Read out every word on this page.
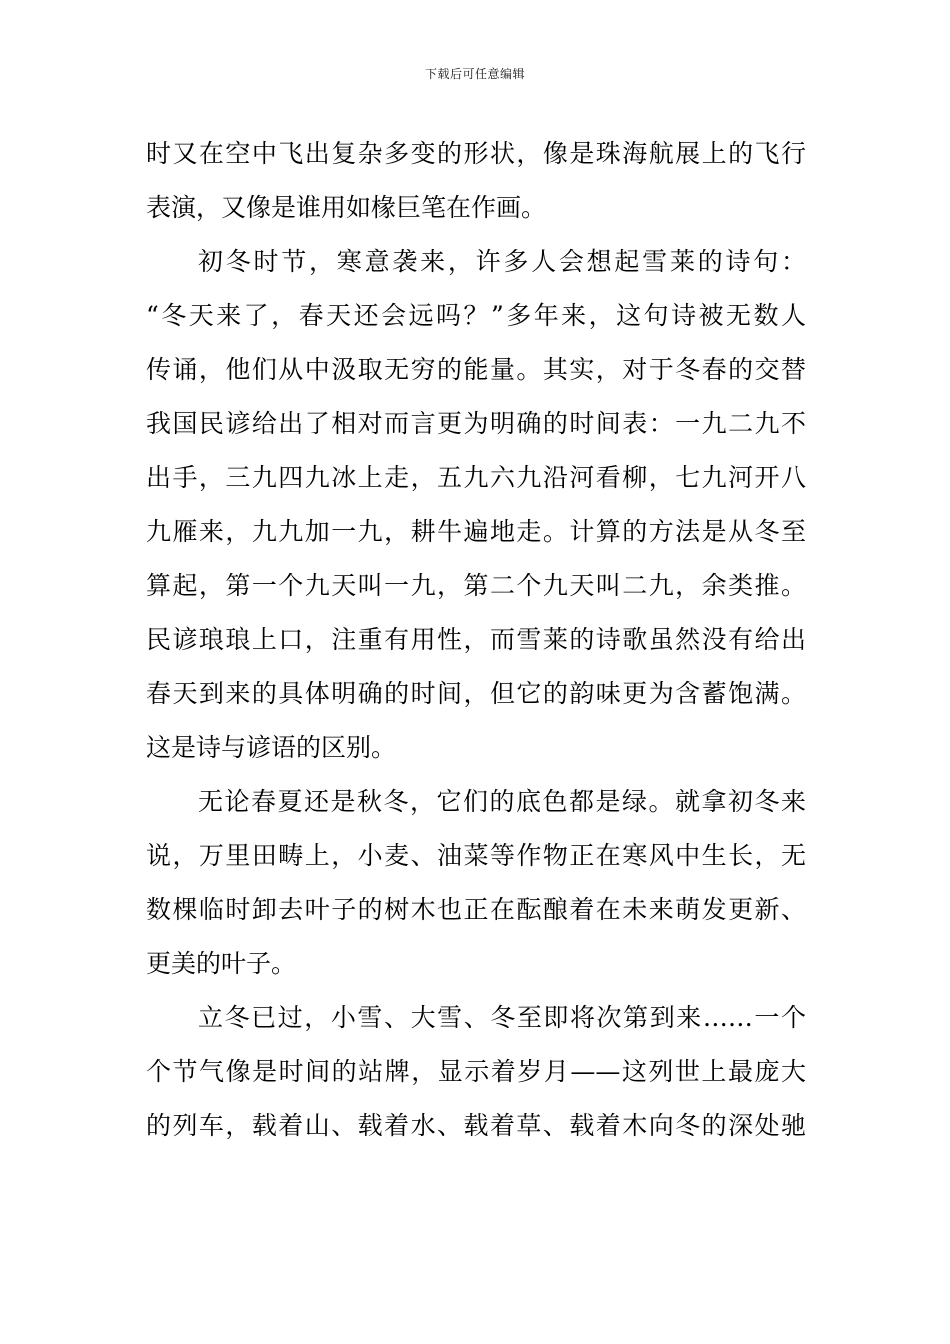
下载后可任意编辑
时又在空中飞出复杂多变的形状，像是珠海航展上的飞行
表演，又像是谁用如椽巨笔在作画。
初冬时节，寒意袭来，许多人会想起雪莱的诗句：
“冬天来了，春天还会远吗？”多年来，这句诗被无数人
传诵，他们从中汲取无穷的能量。其实，对于冬春的交替
我国民谚给出了相对而言更为明确的时间表：一九二九不
出手，三九四九冰上走，五九六九沿河看柳，七九河开八
九雁来，九九加一九，耕牛遍地走。计算的方法是从冬至
算起，第一个九天叫一九，第二个九天叫二九，余类推。
民谚琅琅上口，注重有用性，而雪莱的诗歌虽然没有给出
春天到来的具体明确的时间，但它的韵味更为含蓄饱满。
这是诗与谚语的区别。
无论春夏还是秋冬，它们的底色都是绿。就拿初冬来
说，万里田畴上，小麦、油菜等作物正在寒风中生长，无
数棵临时卸去叶子的树木也正在酝酿着在未来萌发更新、
更美的叶子。
立冬已过，小雪、大雪、冬至即将次第到来……一个
个节气像是时间的站牌，显示着岁月——这列世上最庞大
的列车，载着山、载着水、载着草、载着木向冬的深处驰
